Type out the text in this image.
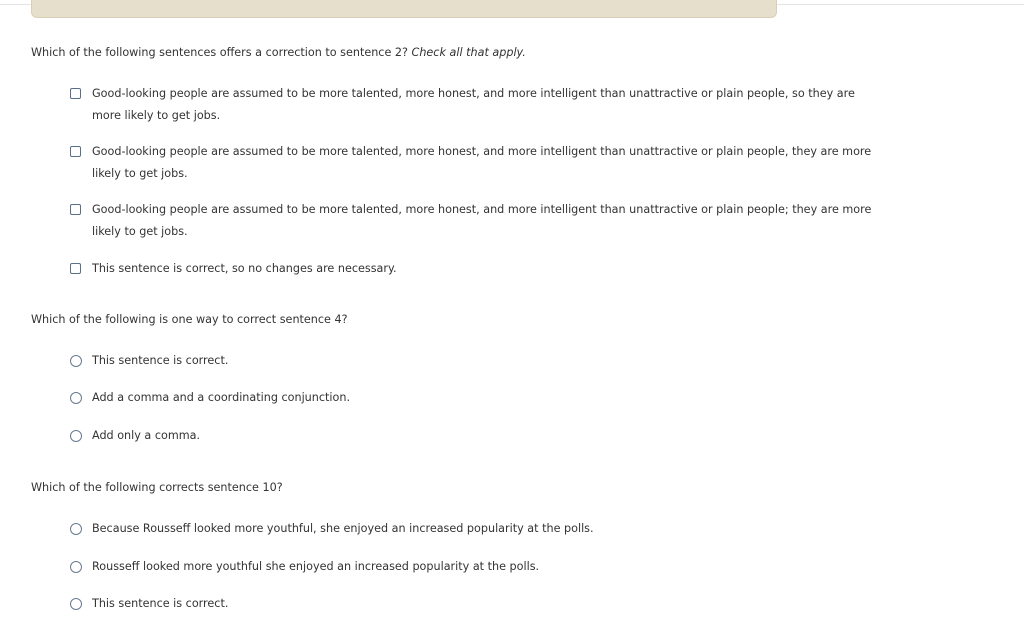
Which of the following sentences offers a correction to sentence 2? Check all that apply.
Good-looking people are assumed to be more talented, more honest, and more intelligent than unattractive or plain people, so they are more likely to get jobs.
Good-looking people are assumed to be more talented, more honest, and more intelligent than unattractive or plain people, they are more likely to get jobs.
Good-looking people are assumed to be more talented, more honest, and more intelligent than unattractive or plain people; they are more likely to get jobs.
This sentence is correct, so no changes are necessary.
Which of the following is one way to correct sentence 4?
This sentence is correct.
Add a comma and a coordinating conjunction.
Add only a comma.
Which of the following corrects sentence 10?
Because Rousseff looked more youthful, she enjoyed an increased popularity at the polls.
Rousseff looked more youthful she enjoyed an increased popularity at the polls.
This sentence is correct.
